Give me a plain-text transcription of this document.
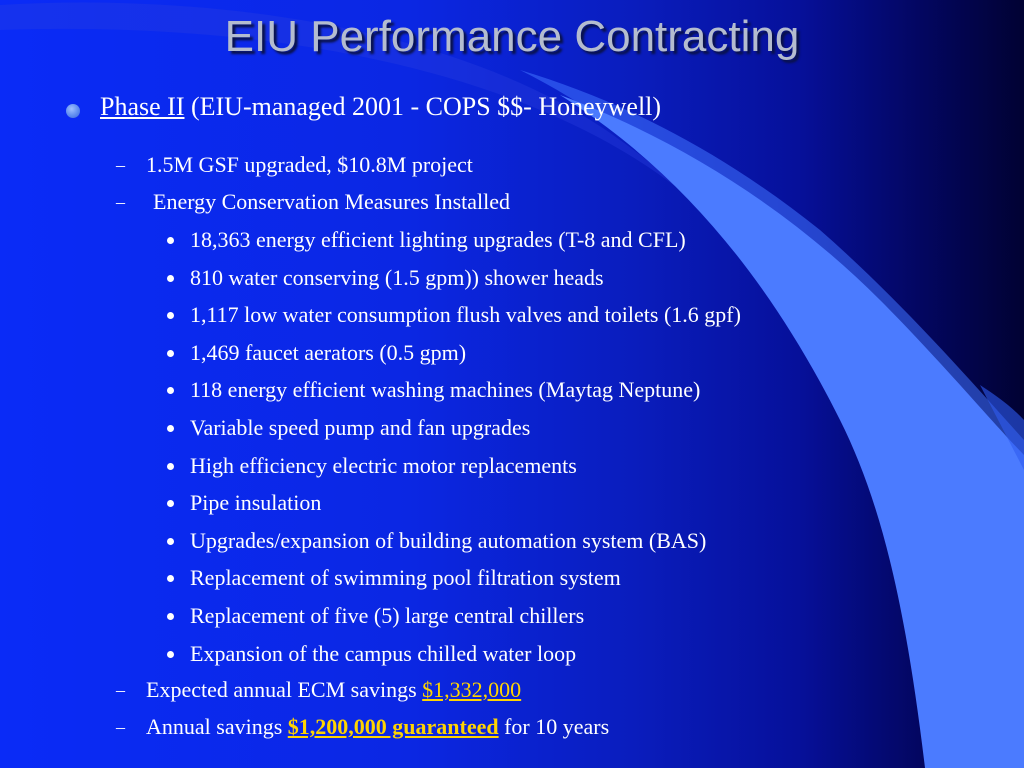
EIU Performance Contracting
Phase II (EIU-managed 2001 - COPS $$- Honeywell)
– 1.5M GSF upgraded, $10.8M project
– Energy Conservation Measures Installed
18,363 energy efficient lighting upgrades (T-8 and CFL)
810 water conserving (1.5 gpm)) shower heads
1,117 low water consumption flush valves and toilets (1.6 gpf)
1,469 faucet aerators (0.5 gpm)
118 energy efficient washing machines (Maytag Neptune)
Variable speed pump and fan upgrades
High efficiency electric motor replacements
Pipe insulation
Upgrades/expansion of building automation system (BAS)
Replacement of swimming pool filtration system
Replacement of five (5) large central chillers
Expansion of the campus chilled water loop
– Expected annual ECM savings $1,332,000
– Annual savings $1,200,000 guaranteed for 10 years
